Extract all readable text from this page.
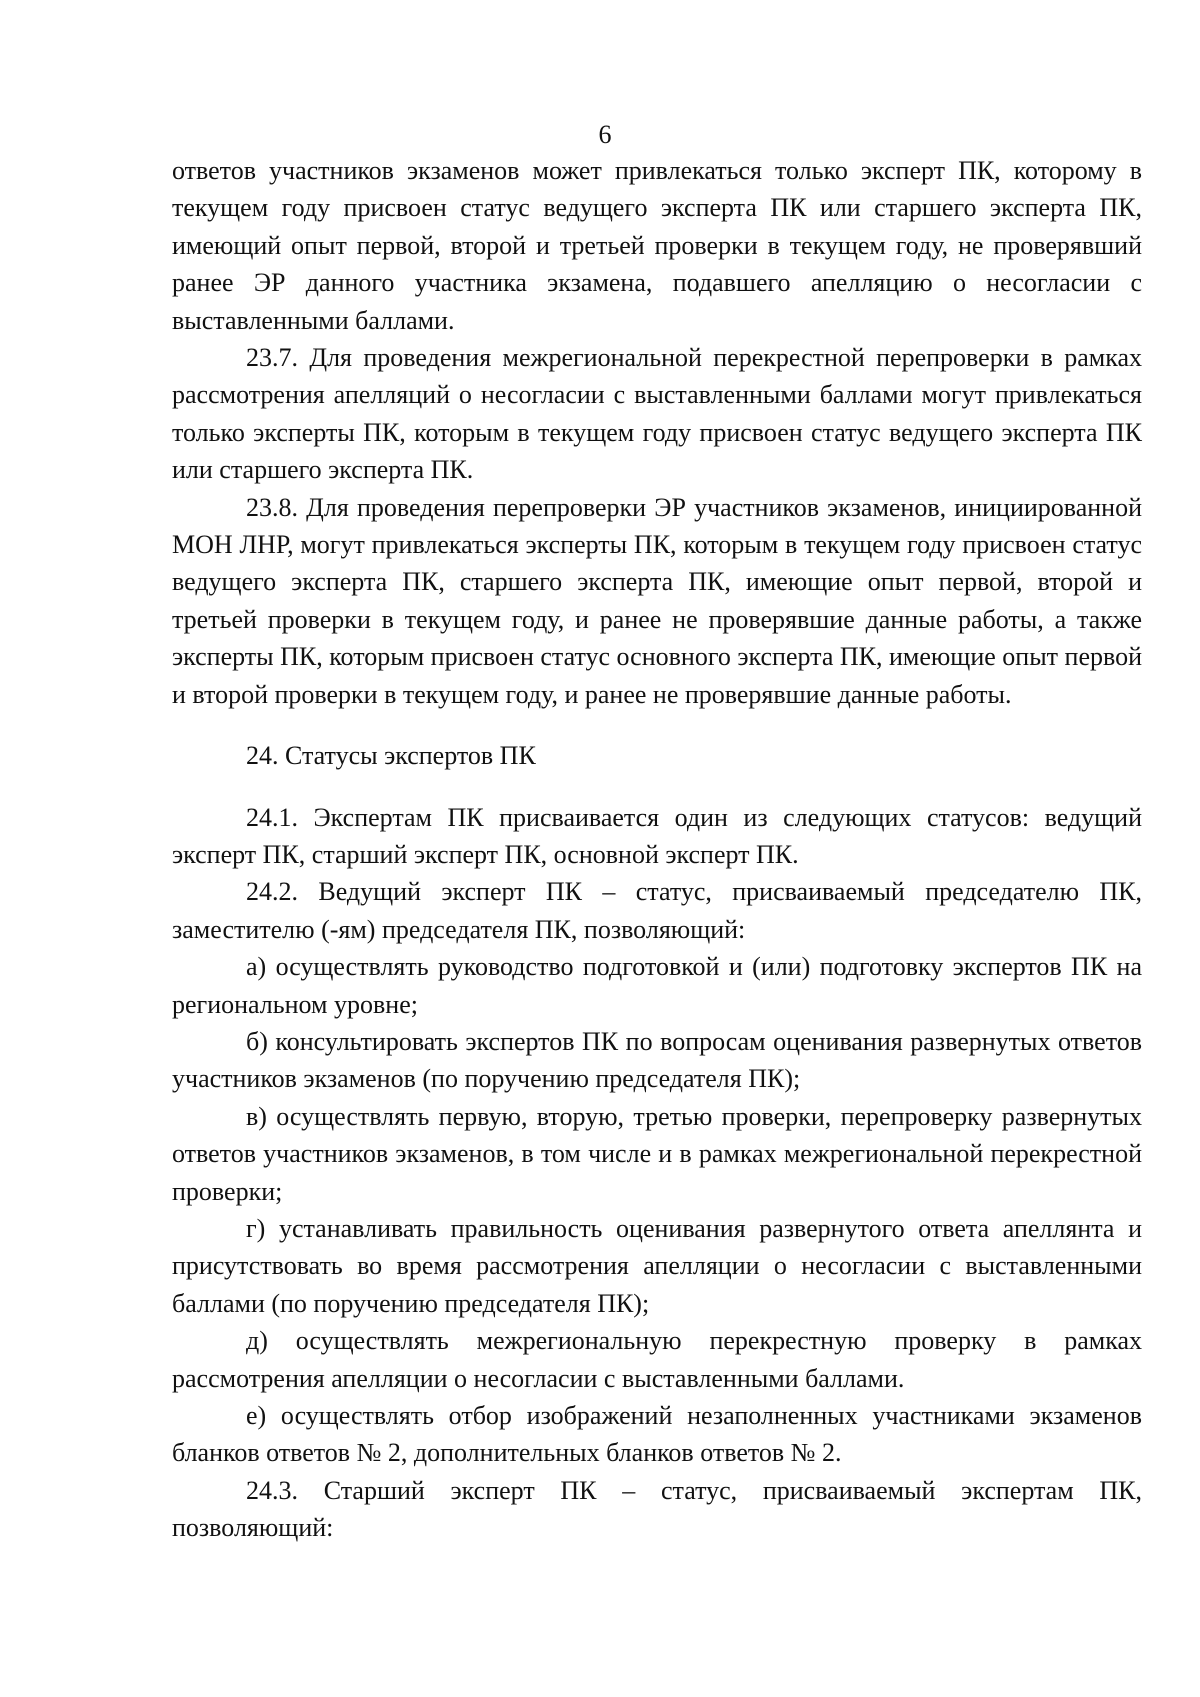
6

ответов участников экзаменов может привлекаться только эксперт ПК, которому в текущем году присвоен статус ведущего эксперта ПК или старшего эксперта ПК, имеющий опыт первой, второй и третьей проверки в текущем году, не проверявший ранее ЭР данного участника экзамена, подавшего апелляцию о несогласии с выставленными баллами.

23.7. Для проведения межрегиональной перекрестной перепроверки в рамках рассмотрения апелляций о несогласии с выставленными баллами могут привлекаться только эксперты ПК, которым в текущем году присвоен статус ведущего эксперта ПК или старшего эксперта ПК.

23.8. Для проведения перепроверки ЭР участников экзаменов, инициированной МОН ЛНР, могут привлекаться эксперты ПК, которым в текущем году присвоен статус ведущего эксперта ПК, старшего эксперта ПК, имеющие опыт первой, второй и третьей проверки в текущем году, и ранее не проверявшие данные работы, а также эксперты ПК, которым присвоен статус основного эксперта ПК, имеющие опыт первой и второй проверки в текущем году, и ранее не проверявшие данные работы.

24. Статусы экспертов ПК

24.1. Экспертам ПК присваивается один из следующих статусов: ведущий эксперт ПК, старший эксперт ПК, основной эксперт ПК.

24.2. Ведущий эксперт ПК – статус, присваиваемый председателю ПК, заместителю (-ям) председателя ПК, позволяющий:

а) осуществлять руководство подготовкой и (или) подготовку экспертов ПК на региональном уровне;

б) консультировать экспертов ПК по вопросам оценивания развернутых ответов участников экзаменов (по поручению председателя ПК);

в) осуществлять первую, вторую, третью проверки, перепроверку развернутых ответов участников экзаменов, в том числе и в рамках межрегиональной перекрестной проверки;

г) устанавливать правильность оценивания развернутого ответа апеллянта и присутствовать во время рассмотрения апелляции о несогласии с выставленными баллами (по поручению председателя ПК);

д) осуществлять межрегиональную перекрестную проверку в рамках рассмотрения апелляции о несогласии с выставленными баллами.

е) осуществлять отбор изображений незаполненных участниками экзаменов бланков ответов № 2, дополнительных бланков ответов № 2.

24.3. Старший эксперт ПК – статус, присваиваемый экспертам ПК, позволяющий:
